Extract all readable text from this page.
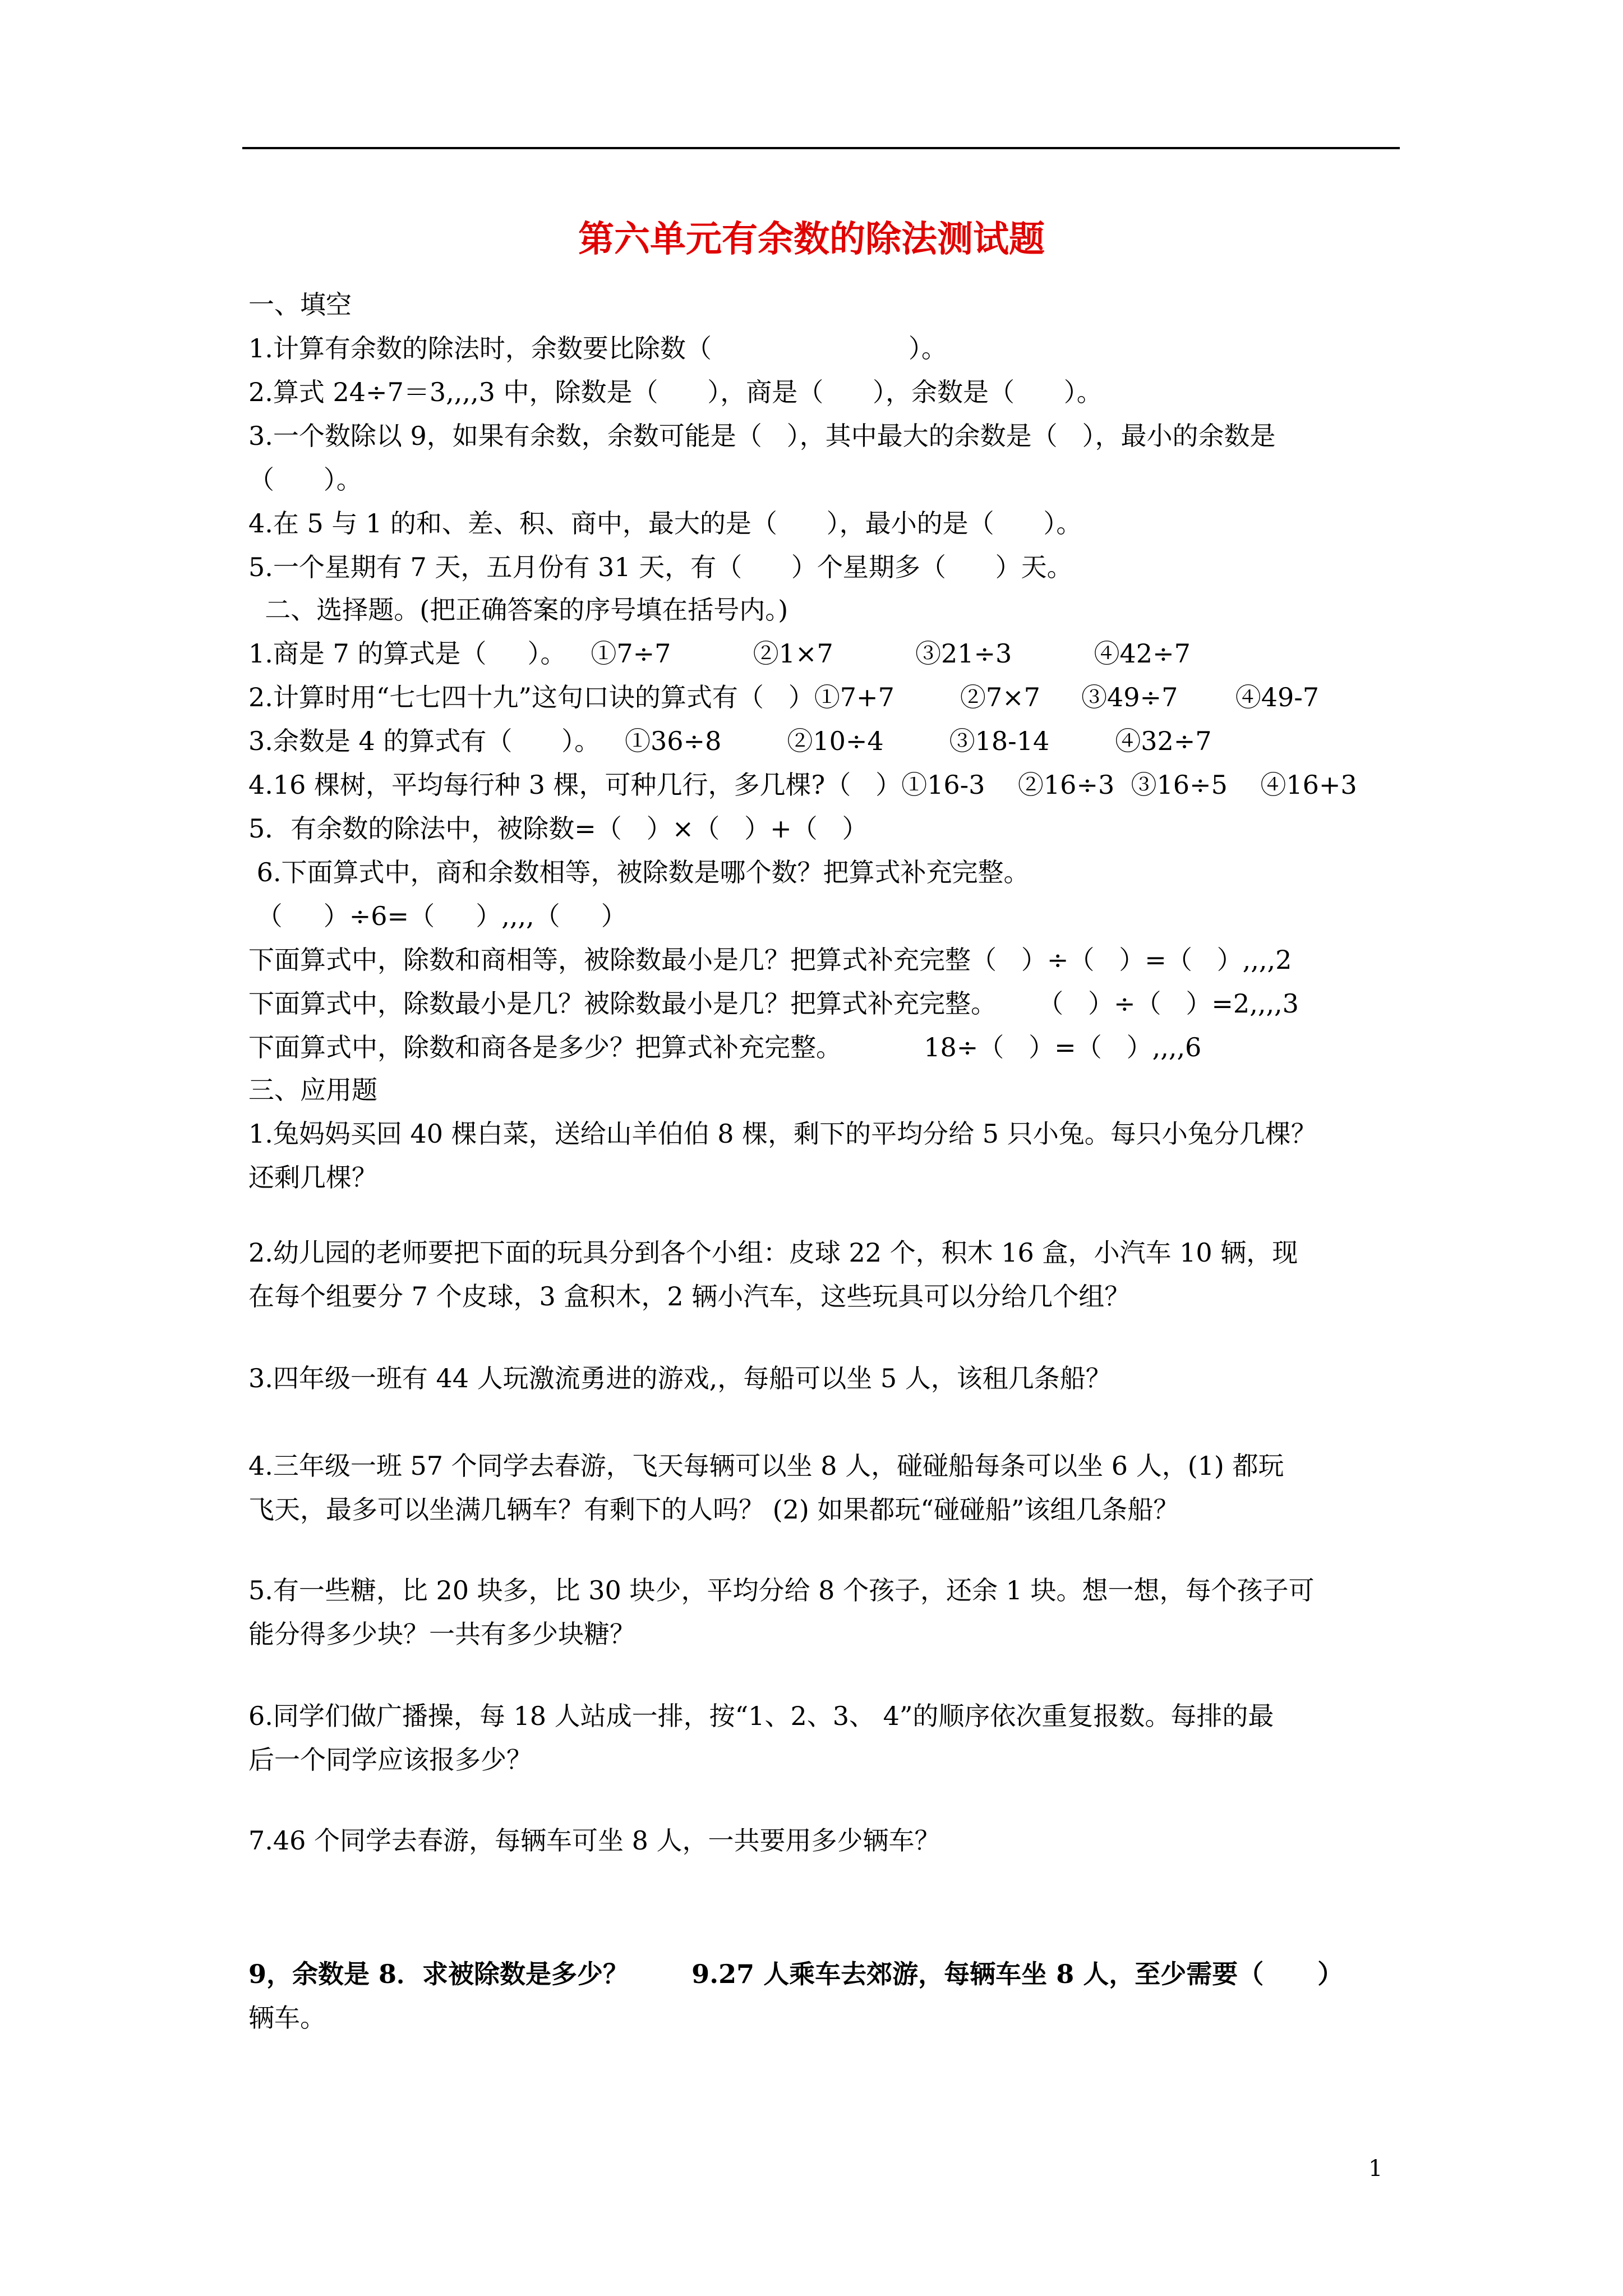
第六单元有余数的除法测试题
一、填空
1.计算有余数的除法时，余数要比除数（                        ）。
2.算式 24÷7＝3,,,,3 中，除数是（      ），商是（      ），余数是（      ）。
3.一个数除以 9，如果有余数，余数可能是（   ），其中最大的余数是（   ），最小的余数是
（      ）。
4.在 5 与 1 的和、差、积、商中，最大的是（      ），最小的是（      ）。
5.一个星期有 7 天，五月份有 31 天，有（      ）个星期多（      ）天。
二、选择题。(把正确答案的序号填在括号内。)
1.商是 7 的算式是（     ）。   ①7÷7          ②1×7          ③21÷3          ④42÷7
2.计算时用“七七四十九”这句口诀的算式有（   ）①7+7        ②7×7     ③49÷7       ④49-7
3.余数是 4 的算式有（      ）。   ①36÷8        ②10÷4        ③18-14        ④32÷7
4.16 棵树，平均每行种 3 棵，可种几行，多几棵?（   ）①16-3    ②16÷3  ③16÷5    ④16+3
5．有余数的除法中，被除数=（   ）×（   ）+（   ）
6.下面算式中，商和余数相等，被除数是哪个数？把算式补充完整。
（     ）÷6=（     ）,,,,（     ）
下面算式中，除数和商相等，被除数最小是几？把算式补充完整（   ）÷（   ）=（   ）,,,,2
下面算式中，除数最小是几？被除数最小是几？把算式补充完整。     （   ）÷（   ）=2,,,,3
下面算式中，除数和商各是多少？把算式补充完整。          18÷（   ）=（   ）,,,,6
三、应用题
1.兔妈妈买回 40 棵白菜，送给山羊伯伯 8 棵，剩下的平均分给 5 只小兔。每只小兔分几棵？
还剩几棵？
2.幼儿园的老师要把下面的玩具分到各个小组：皮球 22 个，积木 16 盒，小汽车 10 辆，现
在每个组要分 7 个皮球，3 盒积木，2 辆小汽车，这些玩具可以分给几个组？
3.四年级一班有 44 人玩激流勇进的游戏,，每船可以坐 5 人，该租几条船？
4.三年级一班 57 个同学去春游，飞天每辆可以坐 8 人，碰碰船每条可以坐 6 人，(1) 都玩
飞天，最多可以坐满几辆车？有剩下的人吗？ (2) 如果都玩“碰碰船”该组几条船？
5.有一些糖，比 20 块多，比 30 块少，平均分给 8 个孩子，还余 1 块。想一想，每个孩子可
能分得多少块？一共有多少块糖？
6.同学们做广播操，每 18 人站成一排，按“1、2、3、 4”的顺序依次重复报数。每排的最
后一个同学应该报多少？
7.46 个同学去春游，每辆车可坐 8 人，一共要用多少辆车？
9，余数是 8．求被除数是多少？       9.27 人乘车去郊游，每辆车坐 8 人，至少需要（      ）
辆车。
1
